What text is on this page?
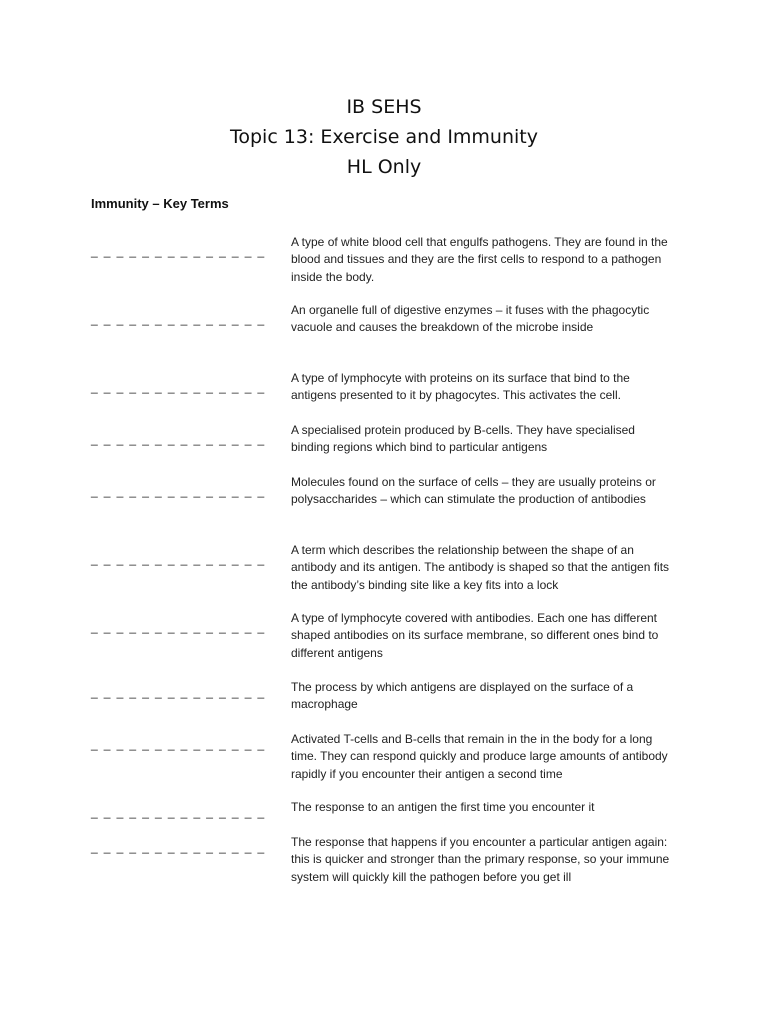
IB SEHS
Topic 13: Exercise and Immunity
HL Only
Immunity – Key Terms
_ _ _ _ _ _ _ _ _ _ _ _ _ _
A type of white blood cell that engulfs pathogens. They are found in the blood and tissues and they are the first cells to respond to a pathogen inside the body.
_ _ _ _ _ _ _ _ _ _ _ _ _ _
An organelle full of digestive enzymes – it fuses with the phagocytic vacuole and causes the breakdown of the microbe inside
_ _ _ _ _ _ _ _ _ _ _ _ _ _
A type of lymphocyte with proteins on its surface that bind to the antigens presented to it by phagocytes. This activates the cell.
_ _ _ _ _ _ _ _ _ _ _ _ _ _
A specialised protein produced by B-cells. They have specialised binding regions which bind to particular antigens
_ _ _ _ _ _ _ _ _ _ _ _ _ _
Molecules found on the surface of cells – they are usually proteins or polysaccharides – which can stimulate the production of antibodies
_ _ _ _ _ _ _ _ _ _ _ _ _ _
A term which describes the relationship between the shape of an antibody and its antigen. The antibody is shaped so that the antigen fits the antibody’s binding site like a key fits into a lock
_ _ _ _ _ _ _ _ _ _ _ _ _ _
A type of lymphocyte covered with antibodies. Each one has different shaped antibodies on its surface membrane, so different ones bind to different antigens
_ _ _ _ _ _ _ _ _ _ _ _ _ _ The process by which antigens are displayed on the surface of a macrophage
_ _ _ _ _ _ _ _ _ _ _ _ _ _ Activated T-cells and B-cells that remain in the in the body for a long time. They can respond quickly and produce large amounts of antibody rapidly if you encounter their antigen a second time
_ _ _ _ _ _ _ _ _ _ _ _ _ _ The response to an antigen the first time you encounter it
_ _ _ _ _ _ _ _ _ _ _ _ _ _ The response that happens if you encounter a particular antigen again: this is quicker and stronger than the primary response, so your immune system will quickly kill the pathogen before you get ill
